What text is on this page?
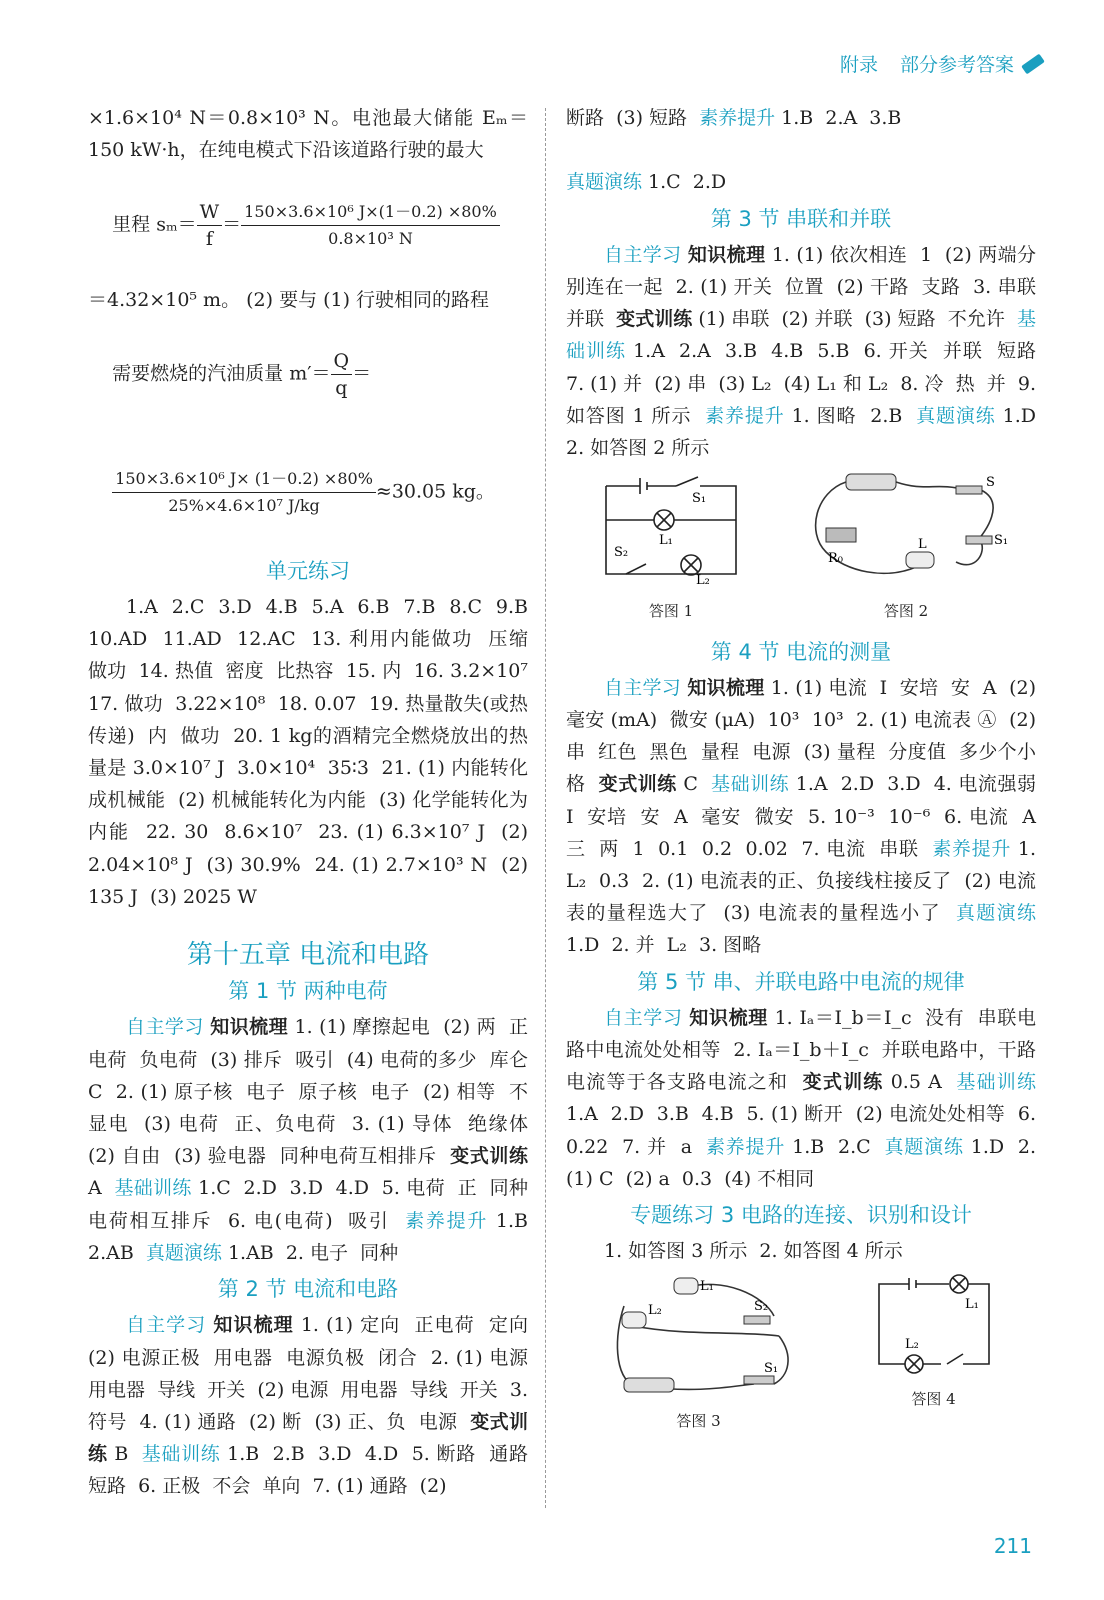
附录 部分参考答案

×1.6×10⁴ N＝0.8×10³ N。电池最大储能 Eₘ＝150 kW·h，在纯电模式下沿该道路行驶的最大

里程 $s_m= \frac{W}{f} = \frac{\text{150×3.6×10⁶ J×(1－0.2) ×80\%}}{\text{0.8×10³ N}}$

＝4.32×10⁵ m。 (2) 要与 (1) 行驶相同的路程

需要燃烧的汽油质量 $m'= \frac{Q}{q}$ ＝

$\frac{\text{150×3.6×10⁶ J× (1－0.2) ×80\%}}{\text{25\%×4.6×10⁷ J/kg}} \approx 30.05$ kg。

单元练习

1.A  2.C  3.D  4.B  5.A  6.B  7.B  8.C  9.B  10.AD  11.AD  12.AC  13. 利用内能做功  压缩  做功  14. 热值  密度  比热容  15. 内  16. 3.2×10⁷  17. 做功  3.22×10⁸  18. 0.07  19. 热量散失(或热传递)  内  做功  20. 1 kg的酒精完全燃烧放出的热量是 3.0×10⁷ J  3.0×10⁴  35∶3  21. (1) 内能转化成机械能  (2) 机械能转化为内能  (3) 化学能转化为内能  22. 30  8.6×10⁷  23. (1) 6.3×10⁷ J  (2) 2.04×10⁸ J  (3) 30.9%  24. (1) 2.7×10³ N  (2) 135 J  (3) 2025 W

第十五章 电流和电路
第 1 节 两种电荷

自主学习 知识梳理 1. (1) 摩擦起电  (2) 两  正电荷  负电荷  (3) 排斥  吸引  (4) 电荷的多少  库仑  C  2. (1) 原子核  电子  原子核  电子  (2) 相等  不显电  (3) 电荷  正、负电荷  3. (1) 导体  绝缘体  (2) 自由  (3) 验电器  同种电荷互相排斥  变式训练 A  基础训练 1.C  2.D  3.D  4.D  5. 电荷  正  同种电荷相互排斥  6. 电(电荷)  吸引  素养提升 1.B  2.AB  真题演练 1.AB  2. 电子  同种

第 2 节 电流和电路

自主学习 知识梳理 1. (1) 定向  正电荷  定向  (2) 电源正极  用电器  电源负极  闭合  2. (1) 电源  用电器  导线  开关  (2) 电源  用电器  导线  开关  3. 符号  4. (1) 通路  (2) 断  (3) 正、负  电源  变式训练 B  基础训练 1.B  2.B  3.D  4.D  5. 断路  通路  短路  6. 正极  不会  单向  7. (1) 通路  (2)

断路  (3) 短路  素养提升 1.B  2.A  3.B

真题演练 1.C  2.D

第 3 节 串联和并联

自主学习 知识梳理 1. (1) 依次相连  1  (2) 两端分别连在一起  2. (1) 开关  位置  (2) 干路  支路  3. 串联  并联  变式训练 (1) 串联  (2) 并联  (3) 短路  不允许  基础训练 1.A  2.A  3.B  4.B  5.B  6. 开关  并联  短路  7. (1) 并  (2) 串  (3) L₂  (4) L₁ 和 L₂  8. 冷  热  并  9. 如答图 1 所示  素养提升 1. 图略  2.B  真题演练 1.D  2. 如答图 2 所示

S₁
L₁
S₂
L₂
答图 1
S
S₁
R₀
L
答图 2
第 4 节 电流的测量

自主学习 知识梳理 1. (1) 电流  I  安培  安  A  (2) 毫安 (mA)  微安 (μA)  10³  10³  2. (1) 电流表 Ⓐ  (2) 串  红色  黑色  量程  电源  (3) 量程  分度值  多少个小格  变式训练 C  基础训练 1.A  2.D  3.D  4. 电流强弱  I  安培  安  A  毫安  微安  5. 10⁻³  10⁻⁶  6. 电流  A  三  两  1  0.1  0.2  0.02  7. 电流  串联  素养提升 1. L₂  0.3  2. (1) 电流表的正、负接线柱接反了  (2) 电流表的量程选大了  (3) 电流表的量程选小了  真题演练 1.D  2. 并  L₂  3. 图略

第 5 节 串、并联电路中电流的规律

自主学习 知识梳理 1. Iₐ＝I_b＝I_c  没有  串联电路中电流处处相等  2. Iₐ＝I_b＋I_c  并联电路中，干路电流等于各支路电流之和  变式训练 0.5 A  基础训练 1.A  2.D  3.B  4.B  5. (1) 断开  (2) 电流处处相等  6. 0.22  7. 并  a  素养提升 1.B  2.C  真题演练 1.D  2. (1) C  (2) a  0.3  (4) 不相同

专题练习 3 电路的连接、识别和设计

1. 如答图 3 所示  2. 如答图 4 所示

L₁
L₂	S₂
S₁
答图 3
L₁
L₂
答图 4
211
